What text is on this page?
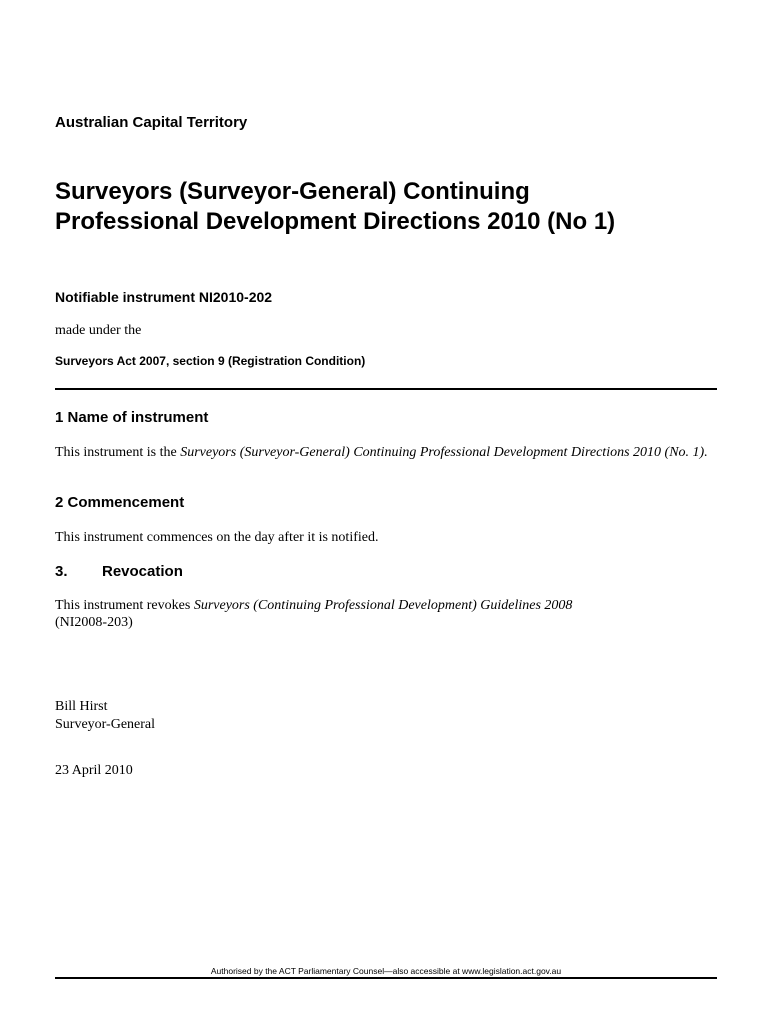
Australian Capital Territory

Surveyors (Surveyor-General) Continuing
Professional Development Directions 2010 (No 1)

Notifiable instrument NI2010-202

made under the

Surveyors Act 2007, section 9 (Registration Condition)

1 Name of instrument

This instrument is the Surveyors (Surveyor-General) Continuing Professional Development Directions 2010 (No. 1).

2 Commencement

This instrument commences on the day after it is notified.

3. Revocation

This instrument revokes Surveyors (Continuing Professional Development) Guidelines 2008
(NI2008-203)

Bill Hirst

Surveyor-General

23 April 2010

Authorised by the ACT Parliamentary Counsel—also accessible at www.legislation.act.gov.au
